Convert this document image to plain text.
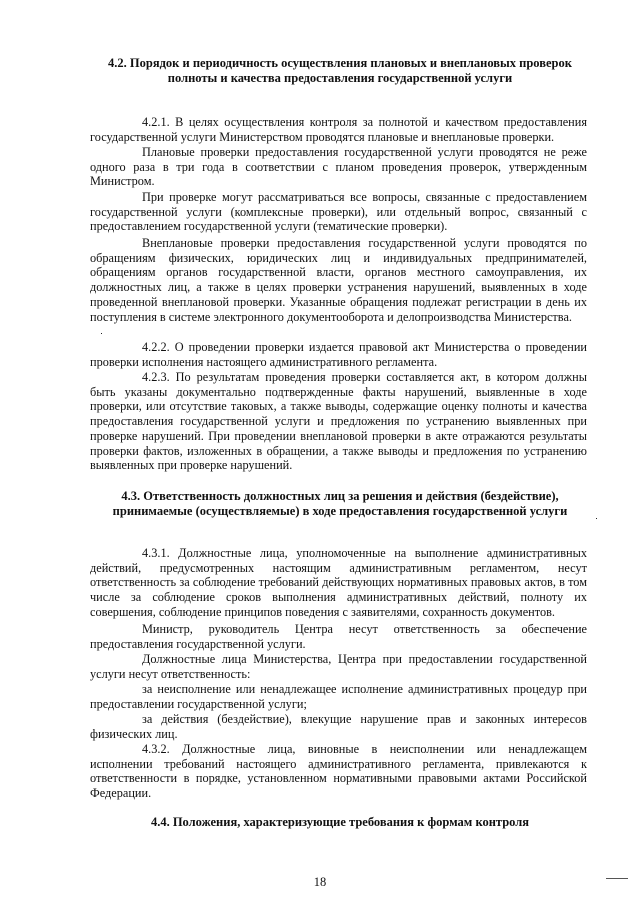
4.2. Порядок и периодичность осуществления плановых и внеплановых проверок полноты и качества предоставления государственной услуги

4.2.1. В целях осуществления контроля за полнотой и качеством предоставления государственной услуги Министерством проводятся плановые и внеплановые проверки.

Плановые проверки предоставления государственной услуги проводятся не реже одного раза в три года в соответствии с планом проведения проверок, утвержденным Министром.

При проверке могут рассматриваться все вопросы, связанные с предоставлением государственной услуги (комплексные проверки), или отдельный вопрос, связанный с предоставлением государственной услуги (тематические проверки).

Внеплановые проверки предоставления государственной услуги проводятся по обращениям физических, юридических лиц и индивидуальных предпринимателей, обращениям органов государственной власти, органов местного самоуправления, их должностных лиц, а также в целях проверки устранения нарушений, выявленных в ходе проведенной внеплановой проверки. Указанные обращения подлежат регистрации в день их поступления в системе электронного документооборота и делопроизводства Министерства.

4.2.2. О проведении проверки издается правовой акт Министерства о проведении проверки исполнения настоящего административного регламента.

4.2.3. По результатам проведения проверки составляется акт, в котором должны быть указаны документально подтвержденные факты нарушений, выявленные в ходе проверки, или отсутствие таковых, а также выводы, содержащие оценку полноты и качества предоставления государственной услуги и предложения по устранению выявленных при проверке нарушений. При проведении внеплановой проверки в акте отражаются результаты проверки фактов, изложенных в обращении, а также выводы и предложения по устранению выявленных при проверке нарушений.

4.3. Ответственность должностных лиц за решения и действия (бездействие), принимаемые (осуществляемые) в ходе предоставления государственной услуги

4.3.1. Должностные лица, уполномоченные на выполнение административных действий, предусмотренных настоящим административным регламентом, несут ответственность за соблюдение требований действующих нормативных правовых актов, в том числе за соблюдение сроков выполнения административных действий, полноту их совершения, соблюдение принципов поведения с заявителями, сохранность документов.

Министр, руководитель Центра несут ответственность за обеспечение предоставления государственной услуги.

Должностные лица Министерства, Центра при предоставлении государственной услуги несут ответственность:

за неисполнение или ненадлежащее исполнение административных процедур при предоставлении государственной услуги;

за действия (бездействие), влекущие нарушение прав и законных интересов физических лиц.

4.3.2. Должностные лица, виновные в неисполнении или ненадлежащем исполнении требований настоящего административного регламента, привлекаются к ответственности в порядке, установленном нормативными правовыми актами Российской Федерации.

4.4. Положения, характеризующие требования к формам контроля
18
